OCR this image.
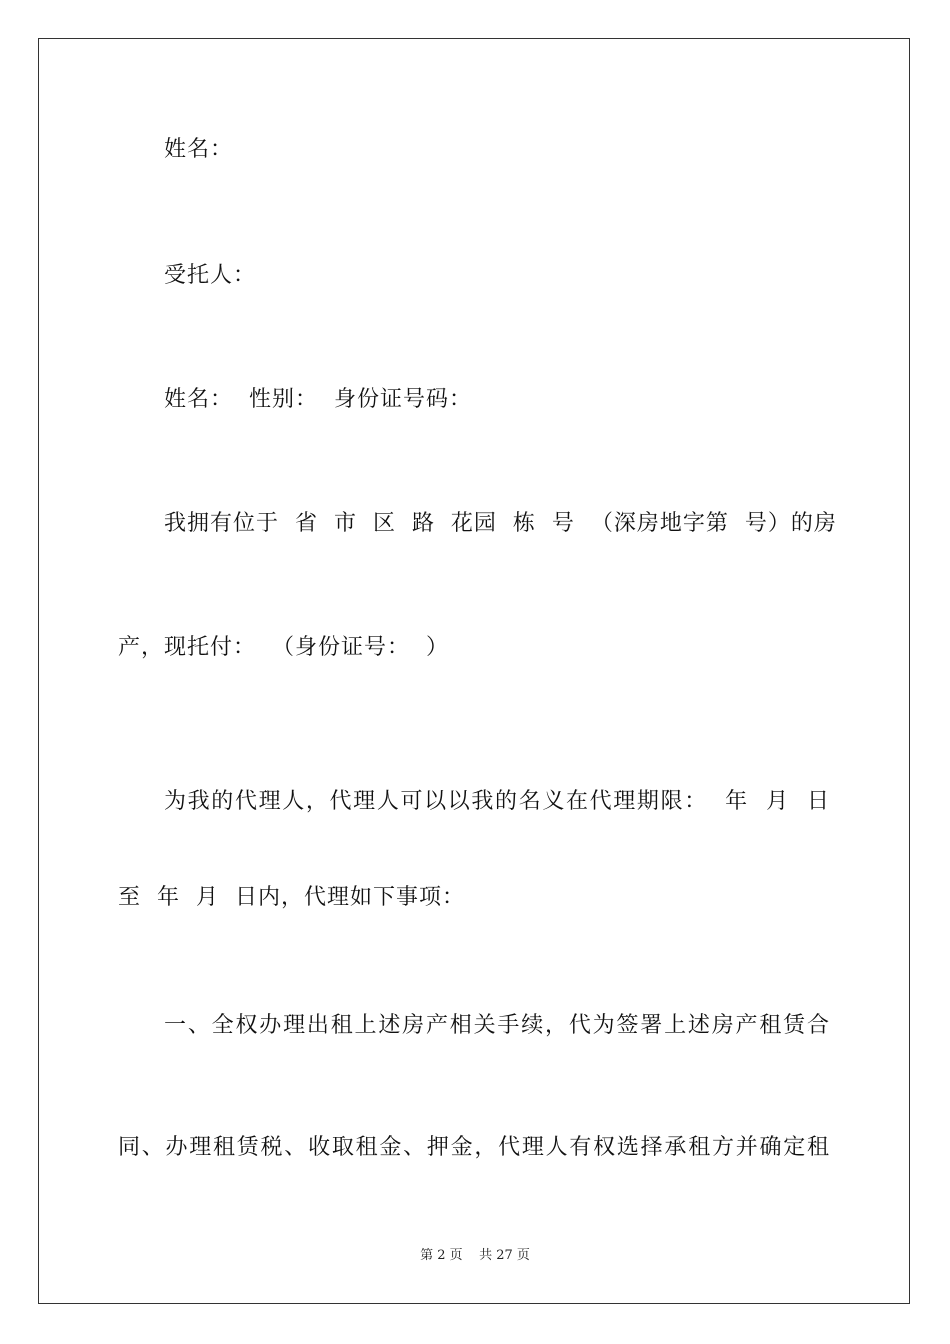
姓名：
受托人：
姓名：  性别：  身份证号码：
我拥有位于  省  市  区  路  花园  栋  号  （深房地字第  号）的房
产，现托付：  （身份证号：  ）
为我的代理人，代理人可以以我的名义在代理期限：  年  月  日
至  年  月  日内，代理如下事项：
一、全权办理出租上述房产相关手续，代为签署上述房产租赁合
同、办理租赁税、收取租金、押金，代理人有权选择承租方并确定租
第 2 页    共 27 页
